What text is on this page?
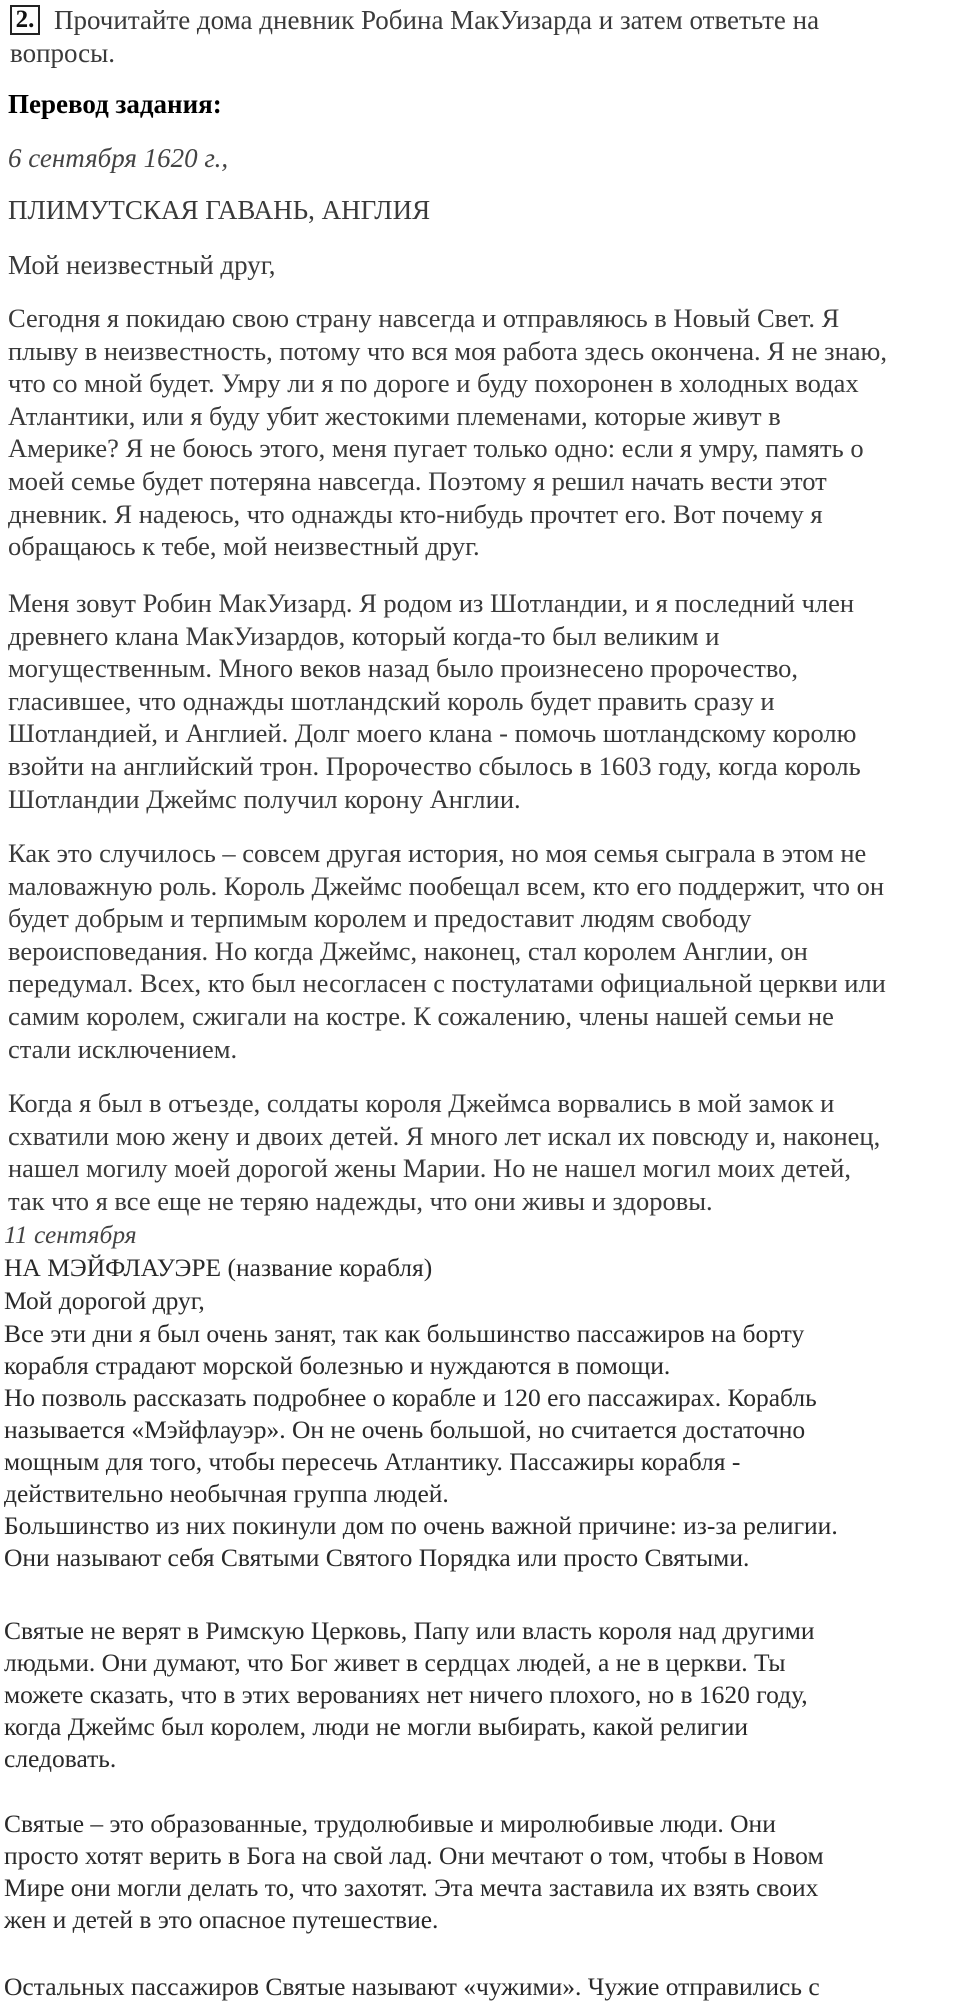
2. Прочитайте дома дневник Робина МакУизарда и затем ответьте на
вопросы.
Перевод задания:
6 сентября 1620 г.,
ПЛИМУТСКАЯ ГАВАНЬ, АНГЛИЯ
Мой неизвестный друг,
Сегодня я покидаю свою страну навсегда и отправляюсь в Новый Свет. Я
плыву в неизвестность, потому что вся моя работа здесь окончена. Я не знаю,
что со мной будет. Умру ли я по дороге и буду похоронен в холодных водах
Атлантики, или я буду убит жестокими племенами, которые живут в
Америке? Я не боюсь этого, меня пугает только одно: если я умру, память о
моей семье будет потеряна навсегда. Поэтому я решил начать вести этот
дневник. Я надеюсь, что однажды кто-нибудь прочтет его. Вот почему я
обращаюсь к тебе, мой неизвестный друг.
Меня зовут Робин МакУизард. Я родом из Шотландии, и я последний член
древнего клана МакУизардов, который когда-то был великим и
могущественным. Много веков назад было произнесено пророчество,
гласившее, что однажды шотландский король будет править сразу и
Шотландией, и Англией. Долг моего клана - помочь шотландскому королю
взойти на английский трон. Пророчество сбылось в 1603 году, когда король
Шотландии Джеймс получил корону Англии.
Как это случилось – совсем другая история, но моя семья сыграла в этом не
маловажную роль. Король Джеймс пообещал всем, кто его поддержит, что он
будет добрым и терпимым королем и предоставит людям свободу
вероисповедания. Но когда Джеймс, наконец, стал королем Англии, он
передумал. Всех, кто был несогласен с постулатами официальной церкви или
самим королем, сжигали на костре. К сожалению, члены нашей семьи не
стали исключением.
Когда я был в отъезде, солдаты короля Джеймса ворвались в мой замок и
схватили мою жену и двоих детей. Я много лет искал их повсюду и, наконец,
нашел могилу моей дорогой жены Марии. Но не нашел могил моих детей,
так что я все еще не теряю надежды, что они живы и здоровы.
11 сентября
НА МЭЙФЛАУЭРЕ (название корабля)
Мой дорогой друг,
Все эти дни я был очень занят, так как большинство пассажиров на борту
корабля страдают морской болезнью и нуждаются в помощи.
Но позволь рассказать подробнее о корабле и 120 его пассажирах. Корабль
называется «Мэйфлауэр». Он не очень большой, но считается достаточно
мощным для того, чтобы пересечь Атлантику. Пассажиры корабля -
действительно необычная группа людей.
Большинство из них покинули дом по очень важной причине: из-за религии.
Они называют себя Святыми Святого Порядка или просто Святыми.
Святые не верят в Римскую Церковь, Папу или власть короля над другими
людьми. Они думают, что Бог живет в сердцах людей, а не в церкви. Ты
можете сказать, что в этих верованиях нет ничего плохого, но в 1620 году,
когда Джеймс был королем, люди не могли выбирать, какой религии
следовать.
Святые – это образованные, трудолюбивые и миролюбивые люди. Они
просто хотят верить в Бога на свой лад. Они мечтают о том, чтобы в Новом
Мире они могли делать то, что захотят. Эта мечта заставила их взять своих
жен и детей в это опасное путешествие.
Остальных пассажиров Святые называют «чужими». Чужие отправились с
